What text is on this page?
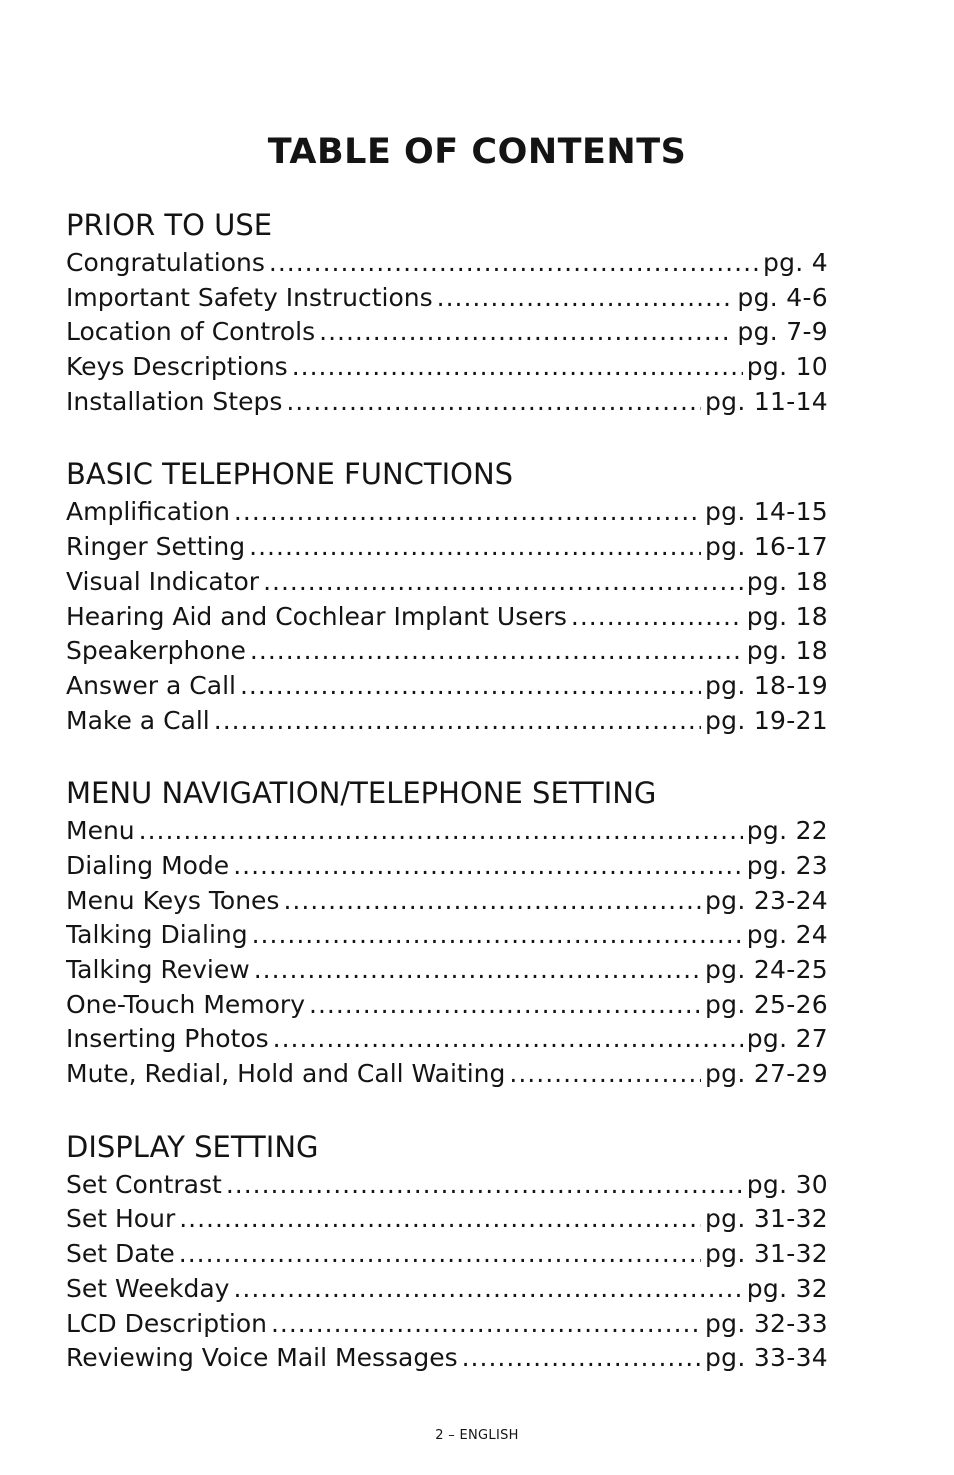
TABLE OF CONTENTS
PRIOR TO USE
Congratulations .....	pg. 4
Important Safety Instructions .....	pg. 4-6
Location of Controls .....	pg. 7-9
Keys Descriptions .....	pg. 10
Installation Steps .....	pg. 11-14
BASIC TELEPHONE FUNCTIONS
Amplification .....	pg. 14-15
Ringer Setting .....	pg. 16-17
Visual Indicator .....	pg. 18
Hearing Aid and Cochlear Implant Users .....	pg. 18
Speakerphone .....	pg. 18
Answer a Call .....	pg. 18-19
Make a Call .....	pg. 19-21
MENU NAVIGATION/TELEPHONE SETTING
Menu .....	pg. 22
Dialing Mode .....	pg. 23
Menu Keys Tones .....	pg. 23-24
Talking Dialing .....	pg. 24
Talking Review .....	pg. 24-25
One-Touch Memory .....	pg. 25-26
Inserting Photos .....	pg. 27
Mute, Redial, Hold and Call Waiting .....	pg. 27-29
DISPLAY SETTING
Set Contrast .....	pg. 30
Set Hour .....	pg. 31-32
Set Date .....	pg. 31-32
Set Weekday .....	pg. 32
LCD Description .....	pg. 32-33
Reviewing Voice Mail Messages .....	pg. 33-34
2 – ENGLISH
